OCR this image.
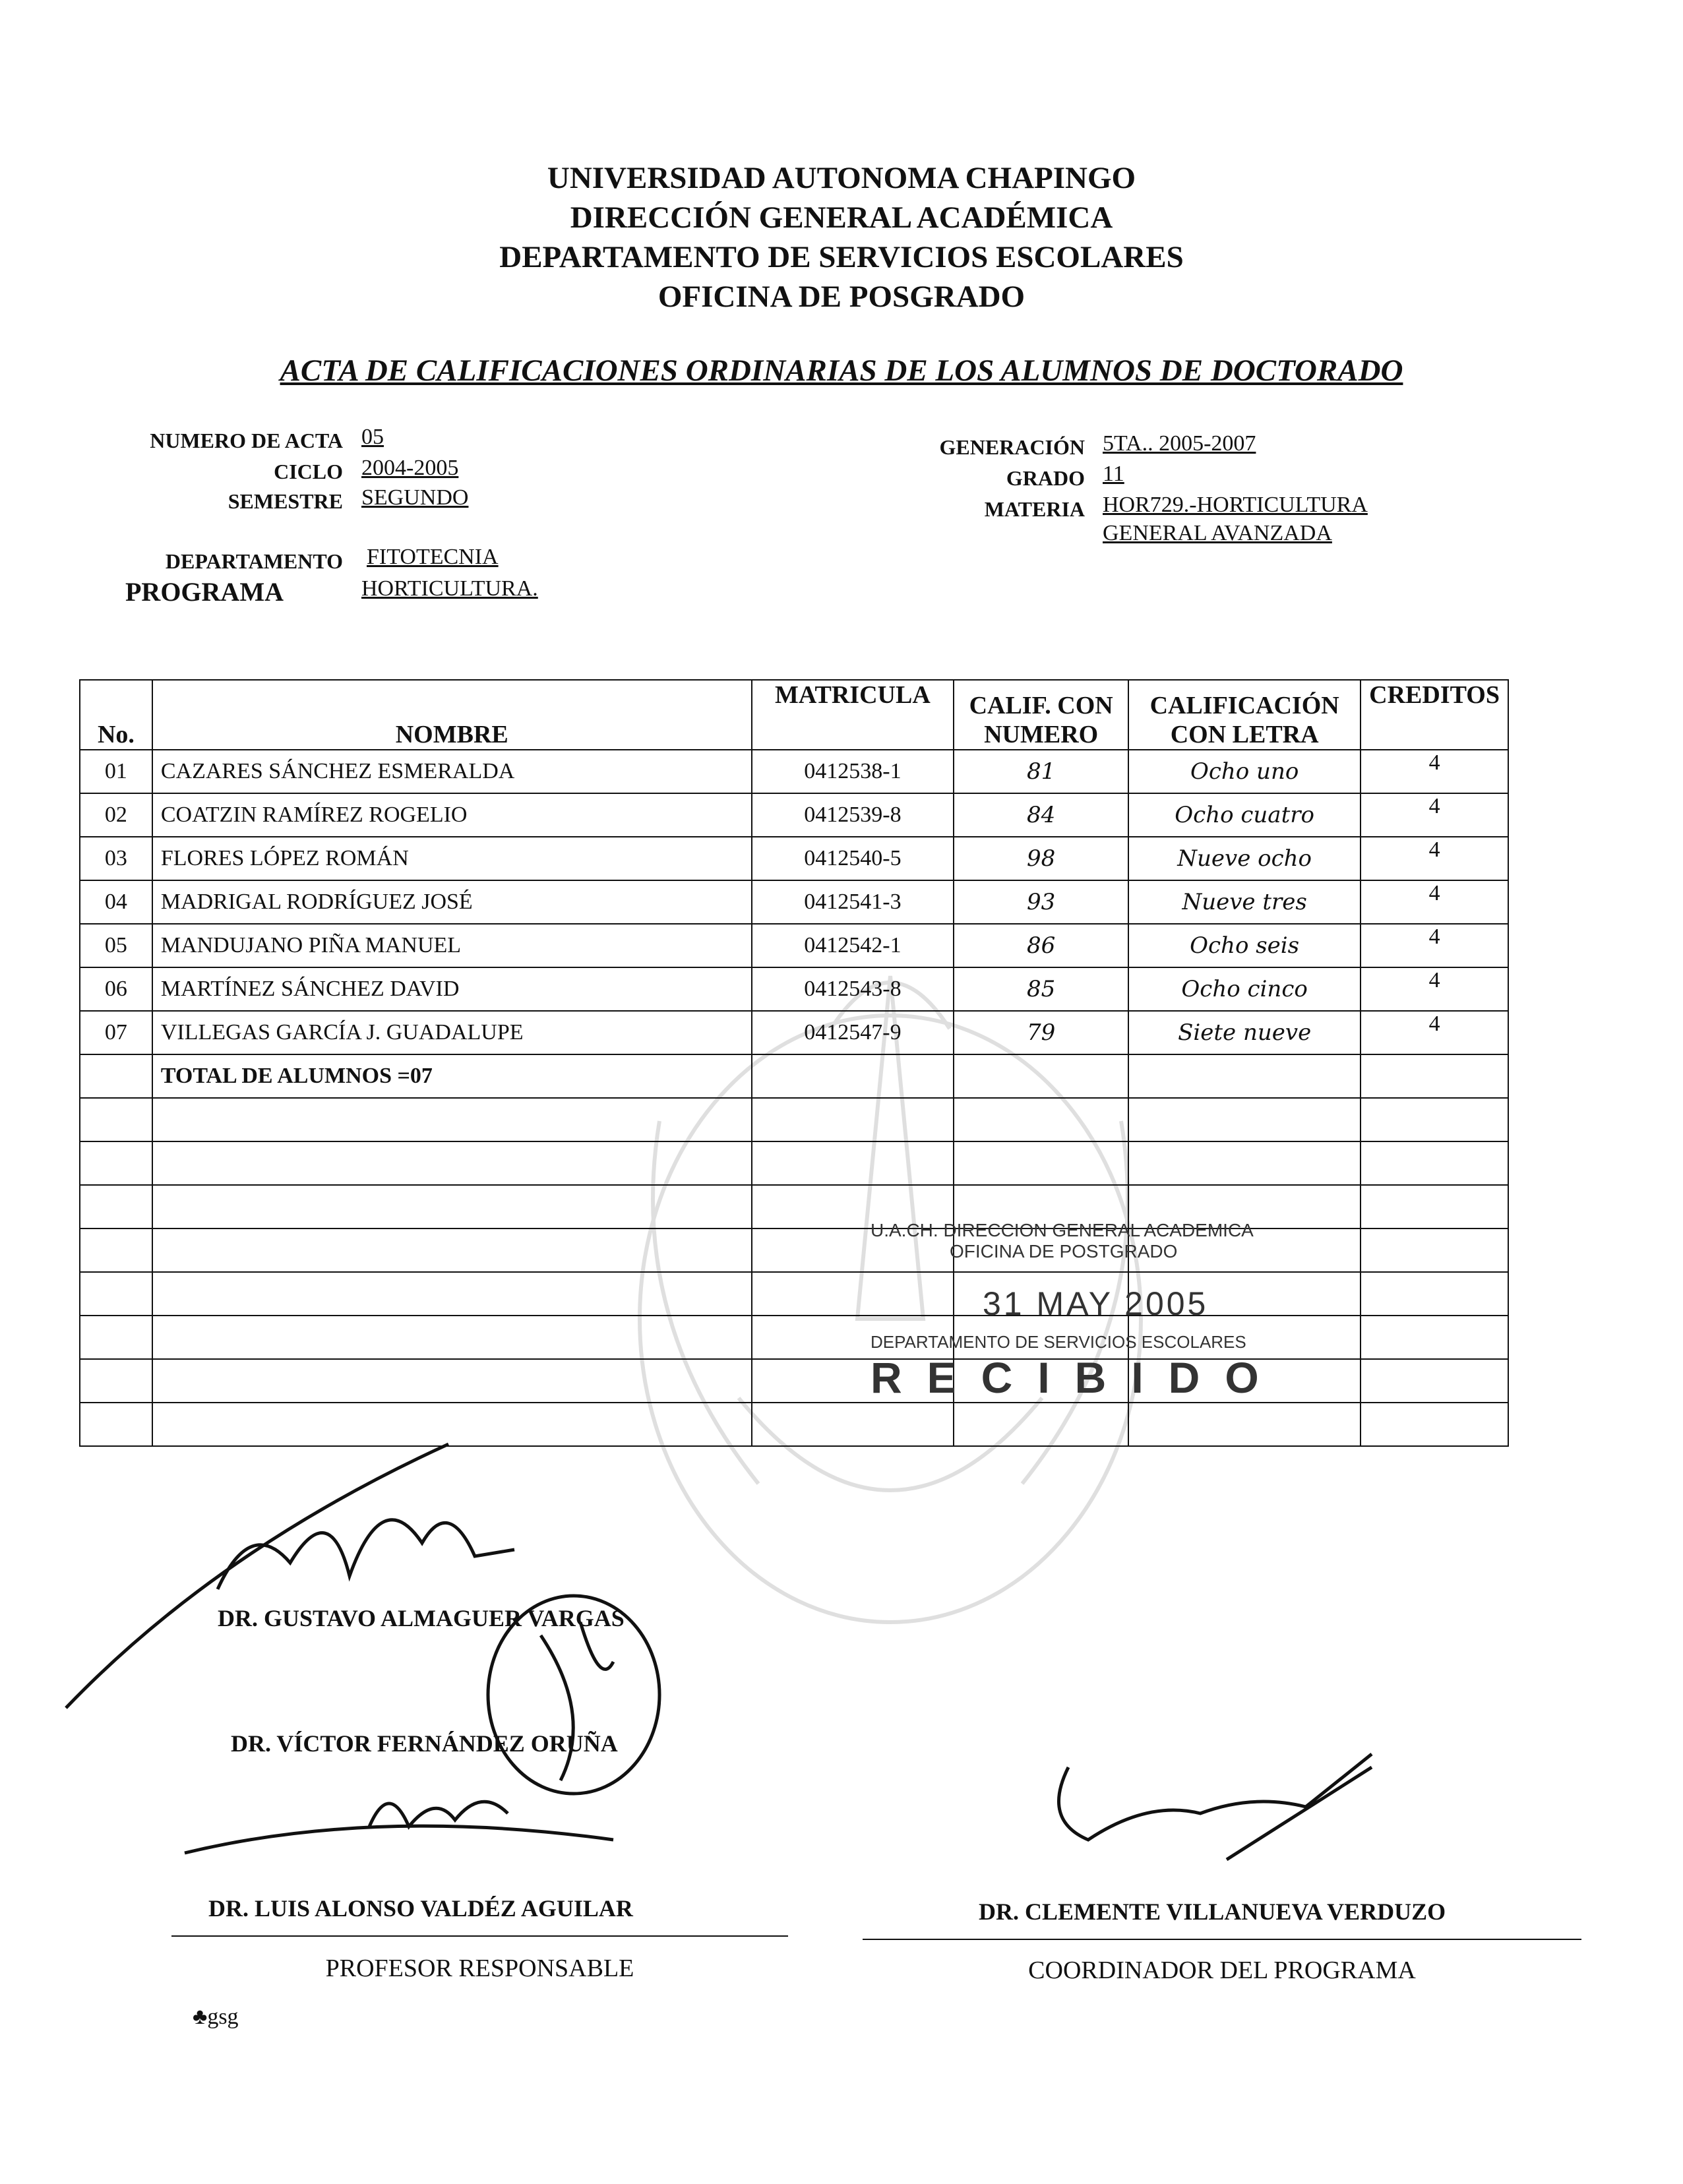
UNIVERSIDAD AUTONOMA CHAPINGO
DIRECCIÓN GENERAL ACADÉMICA
DEPARTAMENTO DE SERVICIOS ESCOLARES
OFICINA DE POSGRADO
ACTA DE CALIFICACIONES ORDINARIAS DE LOS ALUMNOS DE DOCTORADO
NUMERO DE ACTA 05
CICLO 2004-2005
SEMESTRE SEGUNDO
DEPARTAMENTO FITOTECNIA
PROGRAMA	HORTICULTURA.
GENERACIÓN 5TA.. 2005-2007
GRADO 11
MATERIA HOR729.-HORTICULTURA
GENERAL AVANZADA
No.	NOMBRE	MATRICULA	CALIF. CON NUMERO	CALIFICACIÓN CON LETRA	CREDITOS
01	CAZARES SÁNCHEZ ESMERALDA	0412538-1	81	Ocho uno	4
02	COATZIN RAMÍREZ ROGELIO	0412539-8	84	Ocho cuatro	4
03	FLORES LÓPEZ ROMÁN	0412540-5	98	Nueve ocho	4
04	MADRIGAL RODRÍGUEZ JOSÉ	0412541-3	93	Nueve tres	4
05	MANDUJANO PIÑA MANUEL	0412542-1	86	Ocho seis	4
06	MARTÍNEZ SÁNCHEZ DAVID	0412543-8	85	Ocho cinco	4
07	VILLEGAS GARCÍA J. GUADALUPE	0412547-9	79	Siete nueve	4
	TOTAL DE ALUMNOS =07				

U.A.CH. DIRECCION GENERAL ACADEMICA
OFICINA DE POSTGRADO
31 MAY 2005
DEPARTAMENTO DE SERVICIOS ESCOLARES
RECIBIDO
DR. GUSTAVO ALMAGUER VARGAS
DR. VÍCTOR FERNÁNDEZ ORUÑA
DR. LUIS ALONSO VALDÉZ AGUILAR
PROFESOR RESPONSABLE
DR. CLEMENTE VILLANUEVA VERDUZO
COORDINADOR DEL PROGRAMA
♣gsg
